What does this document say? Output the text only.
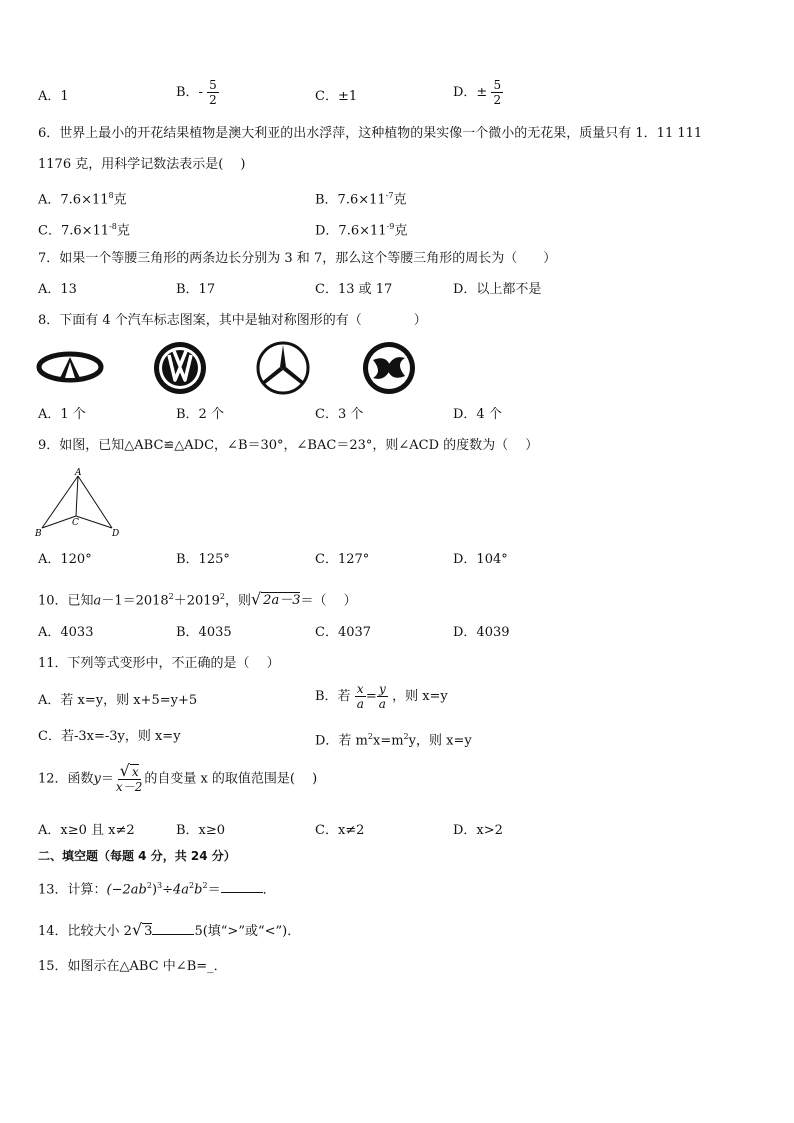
A．1	B．- $\frac{5}{2}$	C．±1	D．± $\frac{5}{2}$
6．世界上最小的开花结果植物是澳大利亚的出水浮萍，这种植物的果实像一个微小的无花果，质量只有 1．11 111
1176 克，用科学记数法表示是(　 )
A．$7.6\times 11^8$克	B．$7.6\times 11^{-7}$克
C．$7.6\times 11^{-8}$克	D．$7.6\times 11^{-9}$克
7．如果一个等腰三角形的两条边长分别为 3 和 7，那么这个等腰三角形的周长为（　　）
A．13	B．17	C．13 或 17	D．以上都不是
8．下面有 4 个汽车标志图案，其中是轴对称图形的有（　　　　）
A．1 个	B．2 个	C．3 个	D．4 个
9．如图，已知△ABC≌△ADC，∠B＝30°，∠BAC＝23°，则∠ACD 的度数为（　 ）
A
B
C
D
A．120°	B．125°	C．127°	D．104°
10．已知$a-1=2018^2+2019^2$，则√ 2a－3＝（　 ）
A．4033	B．4035	C．4037	D．4039
11．下列等式变形中，不正确的是（　 ）
A．若 x=y，则 x+5=y+5	B．若 $\frac{x}{a} = \frac{y}{a}$ ，则 x=y
C．若-3x=-3y，则 x=y	D．若 $m^2x=m^2y$，则 x=y
12．函数$y= \frac{√ x}{x-2}$ 的自变量 x 的取值范围是(　 )
A．x≥0 且 x≠2	B．x≥0	C．x≠2	D．x>2
二、填空题（每题 4 分，共 24 分）
13．计算：$(-2ab^2)^3\div 4a^2b^2=$	．
14．比较大小 2√ 3	5(填“>”或“<”)．
15．如图示在△ABC 中∠B=_．
